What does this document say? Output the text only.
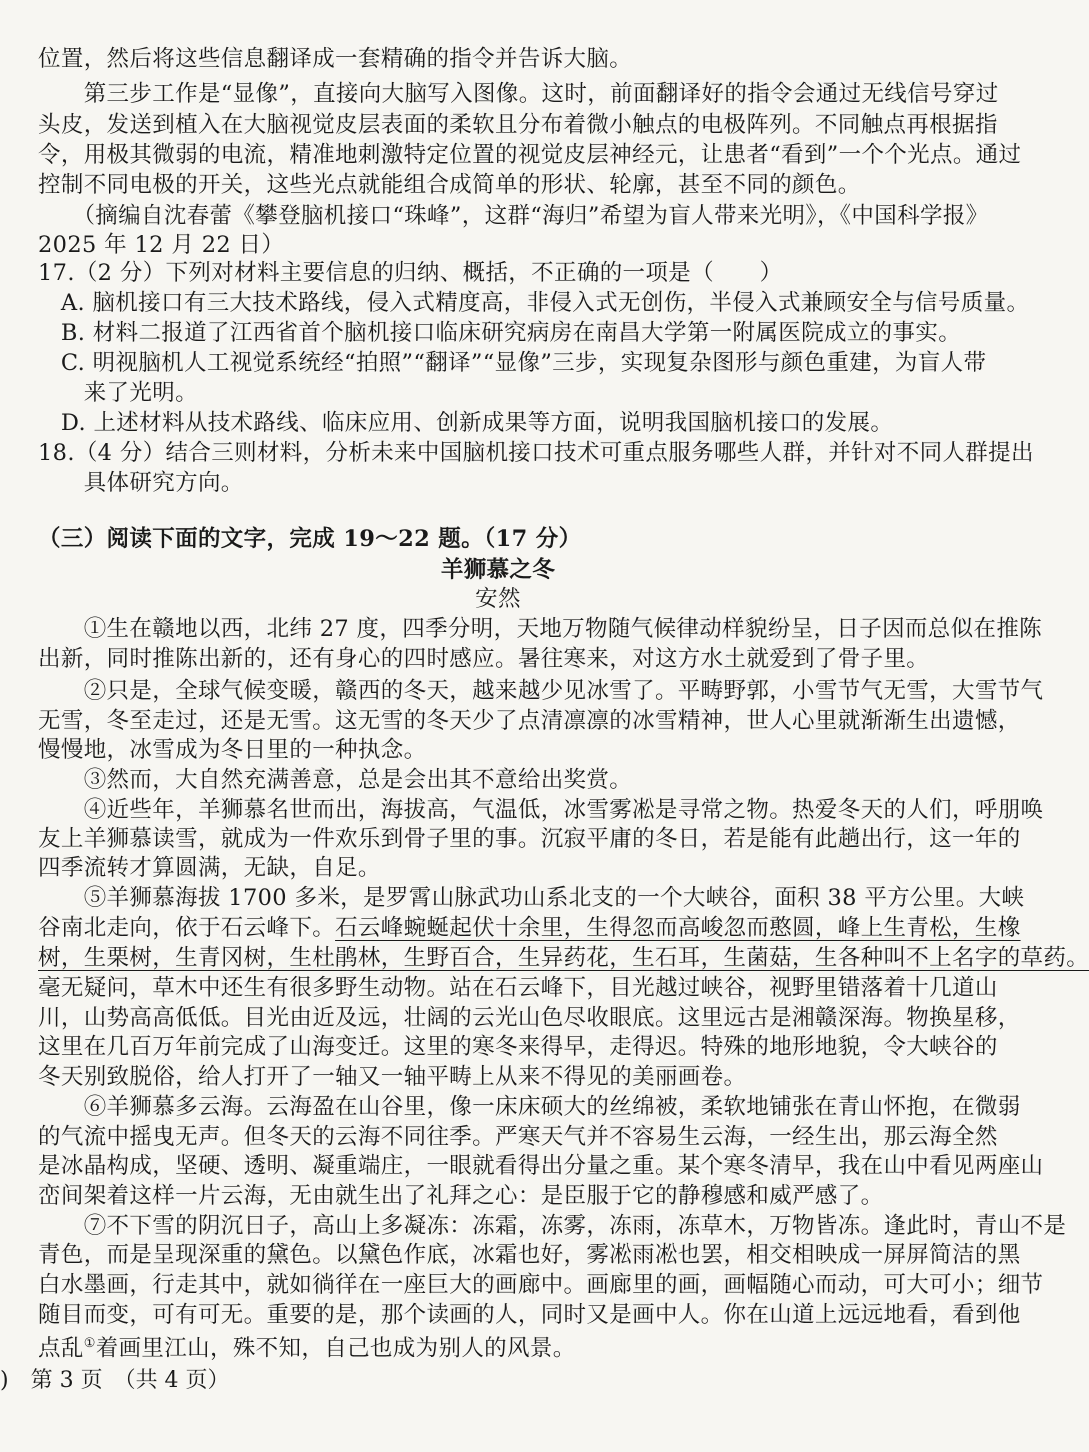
位置，然后将这些信息翻译成一套精确的指令并告诉大脑。
　　第三步工作是“显像”，直接向大脑写入图像。这时，前面翻译好的指令会通过无线信号穿过
头皮，发送到植入在大脑视觉皮层表面的柔软且分布着微小触点的电极阵列。不同触点再根据指
令，用极其微弱的电流，精准地刺激特定位置的视觉皮层神经元，让患者“看到”一个个光点。通过
控制不同电极的开关，这些光点就能组合成简单的形状、轮廓，甚至不同的颜色。
　　（摘编自沈春蕾《攀登脑机接口“珠峰”，这群“海归”希望为盲人带来光明》，《中国科学报》
2025 年 12 月 22 日）
17.（2 分）下列对材料主要信息的归纳、概括，不正确的一项是（　　）
　A. 脑机接口有三大技术路线，侵入式精度高，非侵入式无创伤，半侵入式兼顾安全与信号质量。
　B. 材料二报道了江西省首个脑机接口临床研究病房在南昌大学第一附属医院成立的事实。
　C. 明视脑机人工视觉系统经“拍照”“翻译”“显像”三步，实现复杂图形与颜色重建，为盲人带
　　来了光明。
　D. 上述材料从技术路线、临床应用、创新成果等方面，说明我国脑机接口的发展。
18.（4 分）结合三则材料，分析未来中国脑机接口技术可重点服务哪些人群，并针对不同人群提出
　　具体研究方向。
（三）阅读下面的文字，完成 19～22 题。（17 分）
羊狮慕之冬
安然
　　①生在赣地以西，北纬 27 度，四季分明，天地万物随气候律动样貌纷呈，日子因而总似在推陈
出新，同时推陈出新的，还有身心的四时感应。暑往寒来，对这方水土就爱到了骨子里。
　　②只是，全球气候变暖，赣西的冬天，越来越少见冰雪了。平畴野郭，小雪节气无雪，大雪节气
无雪，冬至走过，还是无雪。这无雪的冬天少了点清凛凛的冰雪精神，世人心里就渐渐生出遗憾，
慢慢地，冰雪成为冬日里的一种执念。
　　③然而，大自然充满善意，总是会出其不意给出奖赏。
　　④近些年，羊狮慕名世而出，海拔高，气温低，冰雪雾凇是寻常之物。热爱冬天的人们，呼朋唤
友上羊狮慕读雪，就成为一件欢乐到骨子里的事。沉寂平庸的冬日，若是能有此趟出行，这一年的
四季流转才算圆满，无缺，自足。
　　⑤羊狮慕海拔 1700 多米，是罗霄山脉武功山系北支的一个大峡谷，面积 38 平方公里。大峡
谷南北走向，依于石云峰下。石云峰蜿蜒起伏十余里，生得忽而高峻忽而憨圆，峰上生青松，生橡
树，生栗树，生青冈树，生杜鹃林，生野百合，生异药花，生石耳，生菌菇，生各种叫不上名字的草药。
毫无疑问，草木中还生有很多野生动物。站在石云峰下，目光越过峡谷，视野里错落着十几道山
川，山势高高低低。目光由近及远，壮阔的云光山色尽收眼底。这里远古是湘赣深海。物换星移，
这里在几百万年前完成了山海变迁。这里的寒冬来得早，走得迟。特殊的地形地貌，令大峡谷的
冬天别致脱俗，给人打开了一轴又一轴平畴上从来不得见的美丽画卷。
　　⑥羊狮慕多云海。云海盈在山谷里，像一床床硕大的丝绵被，柔软地铺张在青山怀抱，在微弱
的气流中摇曳无声。但冬天的云海不同往季。严寒天气并不容易生云海，一经生出，那云海全然
是冰晶构成，坚硬、透明、凝重端庄，一眼就看得出分量之重。某个寒冬清早，我在山中看见两座山
峦间架着这样一片云海，无由就生出了礼拜之心：是臣服于它的静穆感和威严感了。
　　⑦不下雪的阴沉日子，高山上多凝冻：冻霜，冻雾，冻雨，冻草木，万物皆冻。逢此时，青山不是
青色，而是呈现深重的黛色。以黛色作底，冰霜也好，雾凇雨凇也罢，相交相映成一屏屏简洁的黑
白水墨画，行走其中，就如徜徉在一座巨大的画廊中。画廊里的画，画幅随心而动，可大可小；细节
随目而变，可有可无。重要的是，那个读画的人，同时又是画中人。你在山道上远远地看，看到他
点乱①着画里江山，殊不知，自己也成为别人的风景。
)　第 3 页　（共 4 页）
